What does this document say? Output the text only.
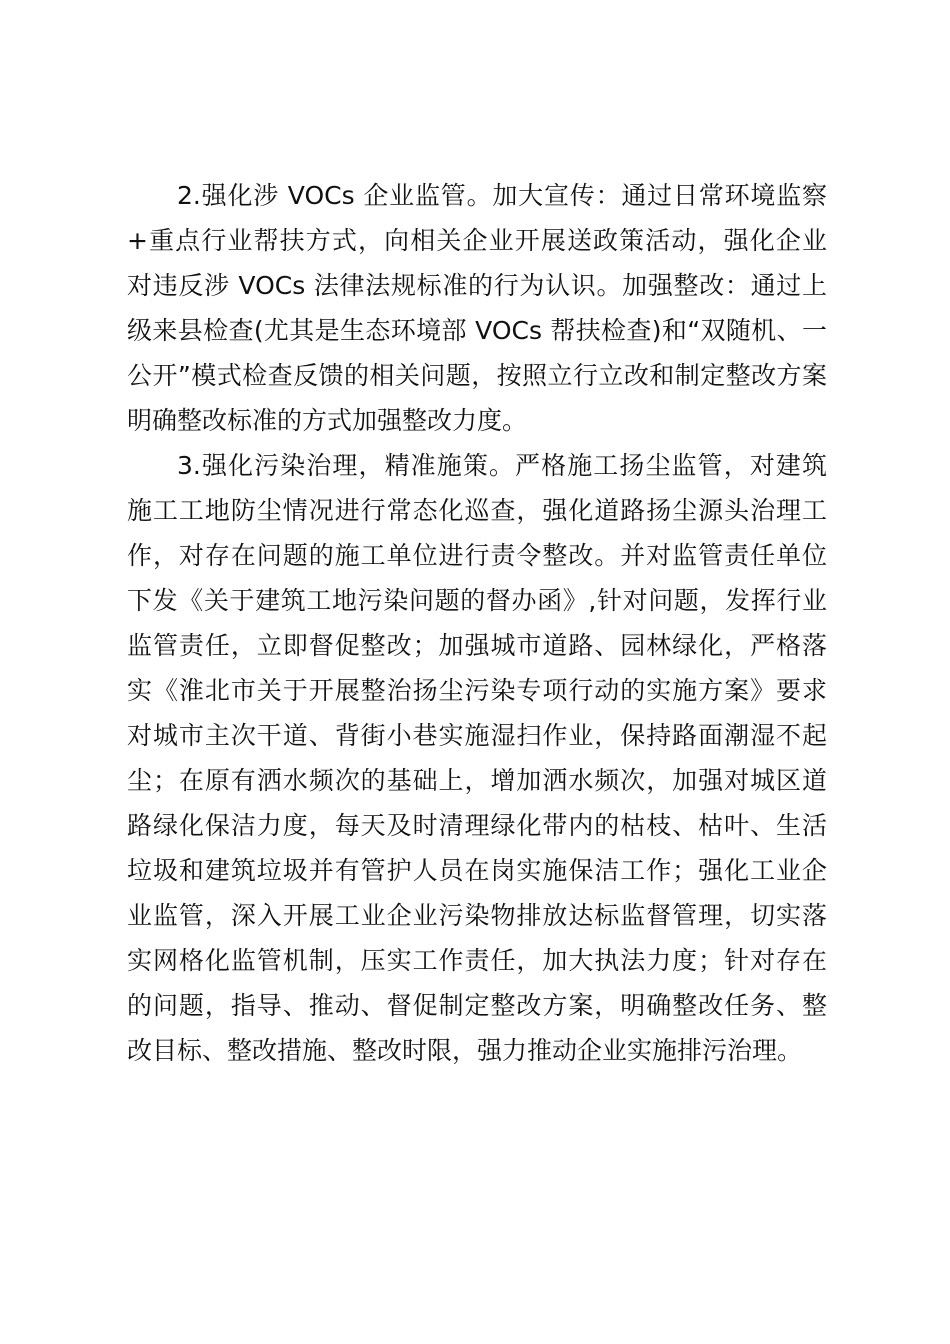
2.强化涉 VOCs 企业监管。加大宣传：通过日常环境监察
+重点行业帮扶方式，向相关企业开展送政策活动，强化企业
对违反涉 VOCs 法律法规标准的行为认识。加强整改：通过上
级来县检查(尤其是生态环境部 VOCs 帮扶检查)和“双随机、一
公开”模式检查反馈的相关问题，按照立行立改和制定整改方案
明确整改标准的方式加强整改力度。
3.强化污染治理，精准施策。严格施工扬尘监管，对建筑
施工工地防尘情况进行常态化巡查，强化道路扬尘源头治理工
作，对存在问题的施工单位进行责令整改。并对监管责任单位
下发《关于建筑工地污染问题的督办函》,针对问题，发挥行业
监管责任，立即督促整改；加强城市道路、园林绿化，严格落
实《淮北市关于开展整治扬尘污染专项行动的实施方案》要求
对城市主次干道、背街小巷实施湿扫作业，保持路面潮湿不起
尘；在原有洒水频次的基础上，增加洒水频次，加强对城区道
路绿化保洁力度，每天及时清理绿化带内的枯枝、枯叶、生活
垃圾和建筑垃圾并有管护人员在岗实施保洁工作；强化工业企
业监管，深入开展工业企业污染物排放达标监督管理，切实落
实网格化监管机制，压实工作责任，加大执法力度；针对存在
的问题，指导、推动、督促制定整改方案，明确整改任务、整
改目标、整改措施、整改时限，强力推动企业实施排污治理。
